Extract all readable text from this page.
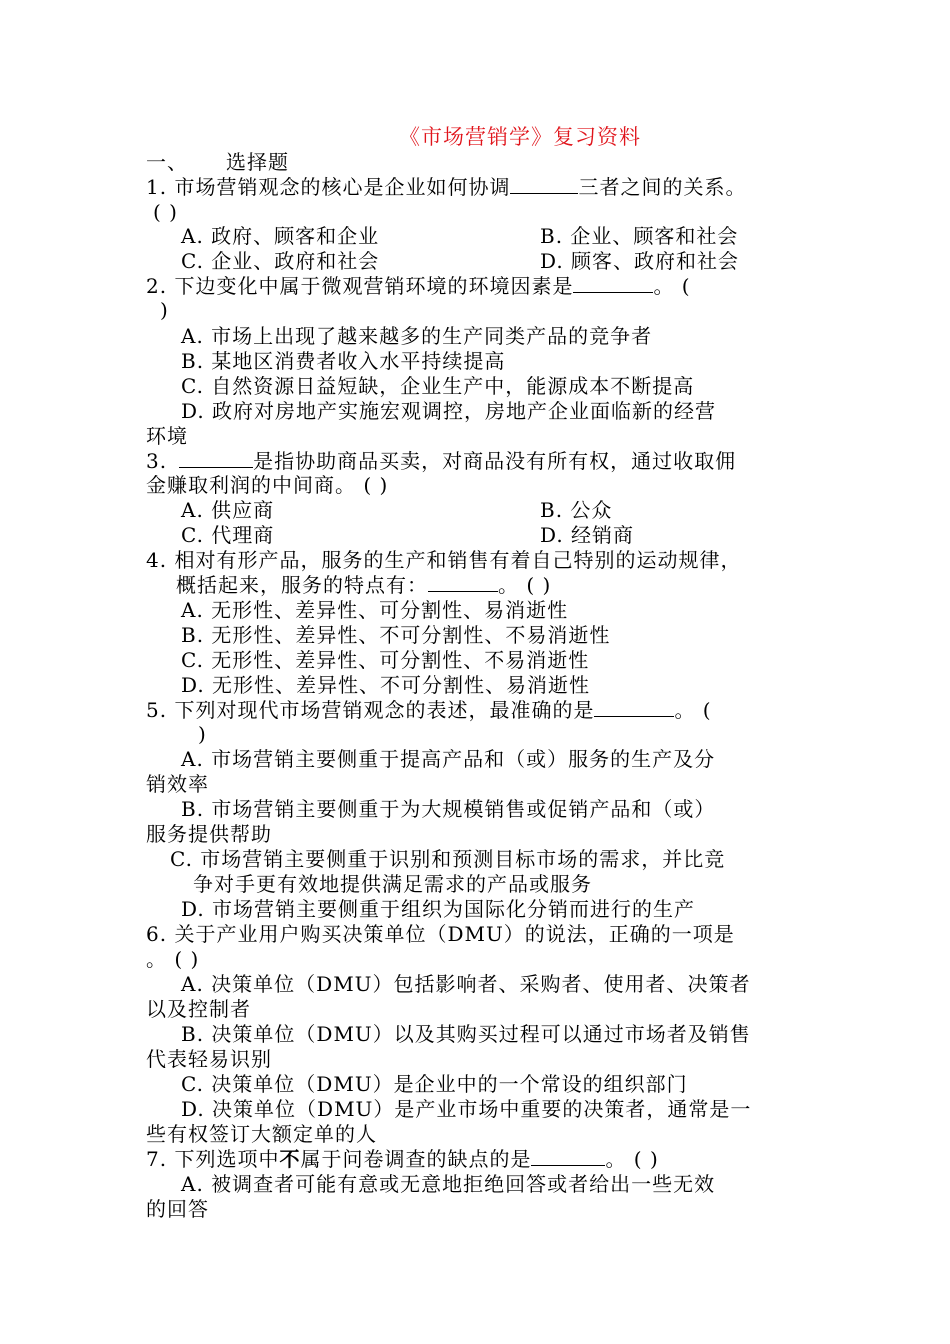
《市场营销学》复习资料
一、 选择题
1. 市场营销观念的核心是企业如何协调	三者之间的关系。
( )
A. 政府、顾客和企业	B. 企业、顾客和社会
C. 企业、政府和社会	D. 顾客、政府和社会
2. 下边变化中属于微观营销环境的环境因素是	。 (
)
A. 市场上出现了越来越多的生产同类产品的竞争者
B. 某地区消费者收入水平持续提高
C. 自然资源日益短缺，企业生产中，能源成本不断提高
D. 政府对房地产实施宏观调控，房地产企业面临新的经营
环境
3.	是指协助商品买卖，对商品没有所有权，通过收取佣
金赚取利润的中间商。 ( )
A. 供应商	B. 公众
C. 代理商	D. 经销商
4. 相对有形产品，服务的生产和销售有着自己特别的运动规律，
概括起来，服务的特点有：	。 ( )
A. 无形性、差异性、可分割性、易消逝性
B. 无形性、差异性、不可分割性、不易消逝性
C. 无形性、差异性、可分割性、不易消逝性
D. 无形性、差异性、不可分割性、易消逝性
5. 下列对现代市场营销观念的表述，最准确的是	。 (
)
A. 市场营销主要侧重于提高产品和（或）服务的生产及分
销效率
B. 市场营销主要侧重于为大规模销售或促销产品和（或）
服务提供帮助
C. 市场营销主要侧重于识别和预测目标市场的需求，并比竞
争对手更有效地提供满足需求的产品或服务
D. 市场营销主要侧重于组织为国际化分销而进行的生产
6. 关于产业用户购买决策单位（DMU）的说法，正确的一项是
。 ( )
A. 决策单位（DMU）包括影响者、采购者、使用者、决策者
以及控制者
B. 决策单位（DMU）以及其购买过程可以通过市场者及销售
代表轻易识别
C. 决策单位（DMU）是企业中的一个常设的组织部门
D. 决策单位（DMU）是产业市场中重要的决策者，通常是一
些有权签订大额定单的人
7. 下列选项中不属于问卷调查的缺点的是	。 ( )
A. 被调查者可能有意或无意地拒绝回答或者给出一些无效
的回答
